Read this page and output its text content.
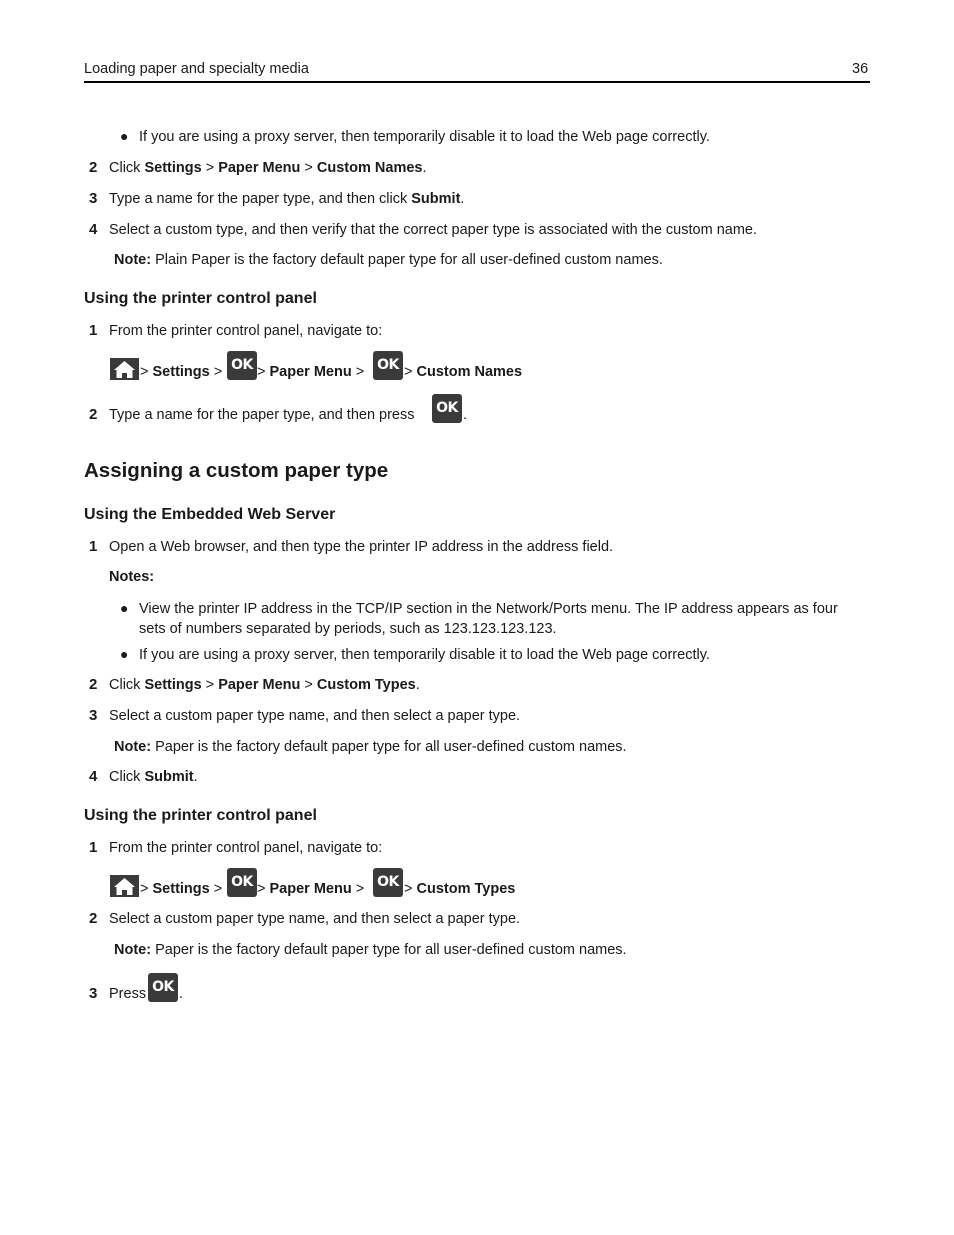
Loading paper and specialty media	36
● If you are using a proxy server, then temporarily disable it to load the Web page correctly.
2 Click Settings > Paper Menu > Custom Names.
3 Type a name for the paper type, and then click Submit.
4 Select a custom type, and then verify that the correct paper type is associated with the custom name.
Note: Plain Paper is the factory default paper type for all user-defined custom names.
Using the printer control panel
1 From the printer control panel, navigate to:
> Settings > OK > Paper Menu > OK > Custom Names
2 Type a name for the paper type, and then press OK .
Assigning a custom paper type
Using the Embedded Web Server
1 Open a Web browser, and then type the printer IP address in the address field.
Notes:
● View the printer IP address in the TCP/IP section in the Network/Ports menu. The IP address appears as four sets of numbers separated by periods, such as 123.123.123.123.
● If you are using a proxy server, then temporarily disable it to load the Web page correctly.
2 Click Settings > Paper Menu > Custom Types.
3 Select a custom paper type name, and then select a paper type.
Note: Paper is the factory default paper type for all user-defined custom names.
4 Click Submit.
Using the printer control panel
1 From the printer control panel, navigate to:
> Settings > OK > Paper Menu > OK > Custom Types
2 Select a custom paper type name, and then select a paper type.
Note: Paper is the factory default paper type for all user-defined custom names.
3 Press OK .
